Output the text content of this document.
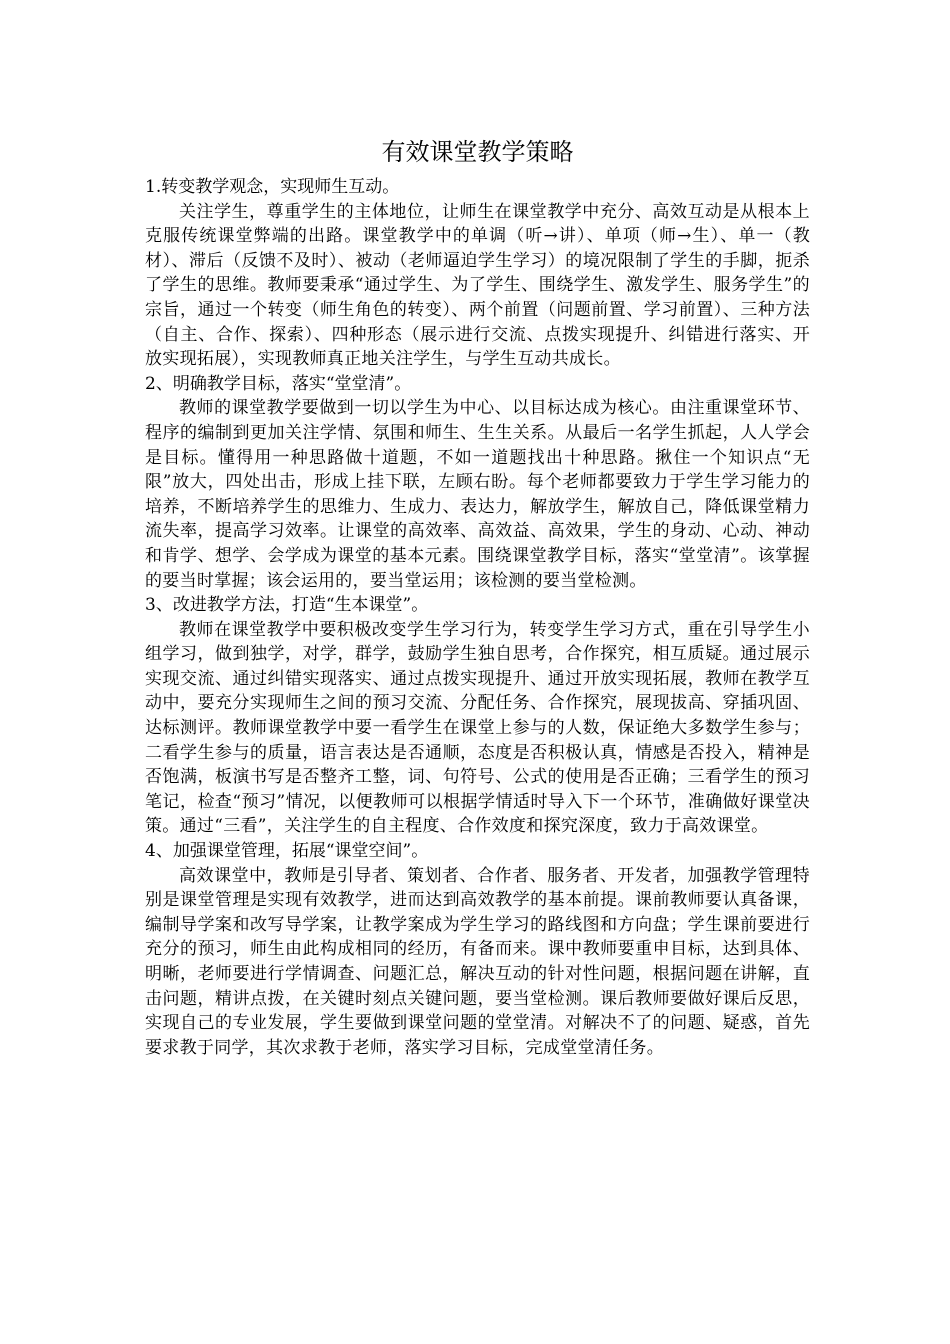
有效课堂教学策略

1.转变教学观念，实现师生互动。

关注学生，尊重学生的主体地位，让师生在课堂教学中充分、高效互动是从根本上克服传统课堂弊端的出路。课堂教学中的单调（听→讲）、单项（师→生）、单一（教材）、滞后（反馈不及时）、被动（老师逼迫学生学习）的境况限制了学生的手脚，扼杀了学生的思维。教师要秉承“通过学生、为了学生、围绕学生、激发学生、服务学生”的宗旨，通过一个转变（师生角色的转变）、两个前置（问题前置、学习前置）、三种方法（自主、合作、探索）、四种形态（展示进行交流、点拨实现提升、纠错进行落实、开放实现拓展），实现教师真正地关注学生，与学生互动共成长。

2、明确教学目标，落实“堂堂清”。

教师的课堂教学要做到一切以学生为中心、以目标达成为核心。由注重课堂环节、程序的编制到更加关注学情、氛围和师生、生生关系。从最后一名学生抓起，人人学会是目标。懂得用一种思路做十道题，不如一道题找出十种思路。揪住一个知识点“无限”放大，四处出击，形成上挂下联，左顾右盼。每个老师都要致力于学生学习能力的培养，不断培养学生的思维力、生成力、表达力，解放学生，解放自己，降低课堂精力流失率，提高学习效率。让课堂的高效率、高效益、高效果，学生的身动、心动、神动和肯学、想学、会学成为课堂的基本元素。围绕课堂教学目标，落实“堂堂清”。该掌握的要当时掌握；该会运用的，要当堂运用；该检测的要当堂检测。

3、改进教学方法，打造“生本课堂”。

教师在课堂教学中要积极改变学生学习行为，转变学生学习方式，重在引导学生小组学习，做到独学，对学，群学，鼓励学生独自思考，合作探究，相互质疑。通过展示实现交流、通过纠错实现落实、通过点拨实现提升、通过开放实现拓展，教师在教学互动中，要充分实现师生之间的预习交流、分配任务、合作探究，展现拔高、穿插巩固、达标测评。教师课堂教学中要一看学生在课堂上参与的人数，保证绝大多数学生参与；二看学生参与的质量，语言表达是否通顺，态度是否积极认真，情感是否投入，精神是否饱满，板演书写是否整齐工整，词、句符号、公式的使用是否正确；三看学生的预习笔记，检查“预习”情况，以便教师可以根据学情适时导入下一个环节，准确做好课堂决策。通过“三看”，关注学生的自主程度、合作效度和探究深度，致力于高效课堂。

4、加强课堂管理，拓展“课堂空间”。

高效课堂中，教师是引导者、策划者、合作者、服务者、开发者，加强教学管理特别是课堂管理是实现有效教学，进而达到高效教学的基本前提。课前教师要认真备课，编制导学案和改写导学案，让教学案成为学生学习的路线图和方向盘；学生课前要进行充分的预习，师生由此构成相同的经历，有备而来。课中教师要重申目标，达到具体、明晰，老师要进行学情调查、问题汇总，解决互动的针对性问题，根据问题在讲解，直击问题，精讲点拨，在关键时刻点关键问题，要当堂检测。课后教师要做好课后反思，实现自己的专业发展，学生要做到课堂问题的堂堂清。对解决不了的问题、疑惑，首先要求教于同学，其次求教于老师，落实学习目标，完成堂堂清任务。
